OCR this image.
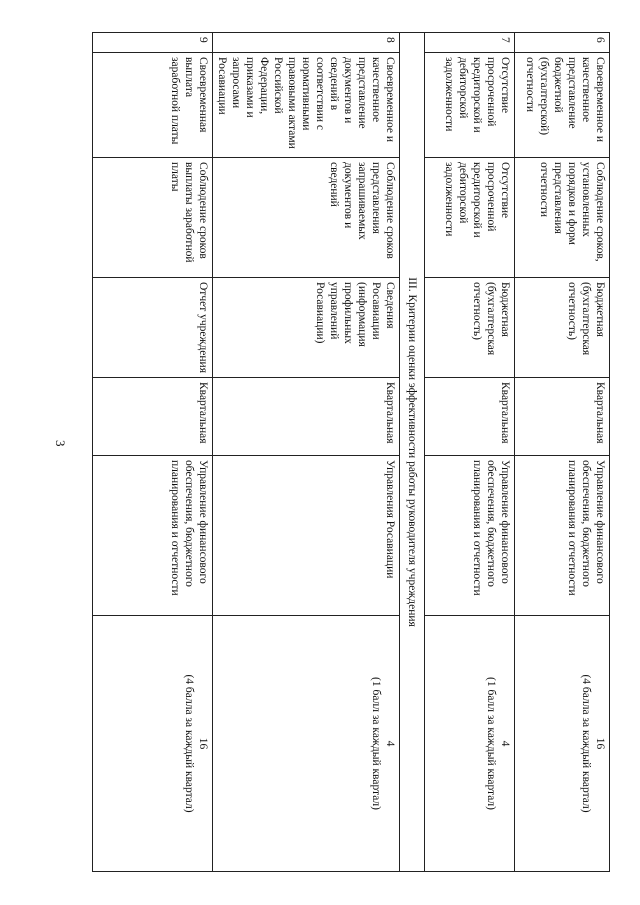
3
6	Своевременное и качественное представление бюджетной (бухгалтерской) отчетности	Соблюдение сроков, установленных порядков и форм представления отчетности	Бюджетная (бухгалтерская отчетность)	Квартальная	Управление финансового обеспечения, бюджетного планирования и отчетности	16
(4 балла за каждый квартал)
7	Отсутствие просроченной кредиторской и дебиторской задолженности	Отсутствие просроченной кредиторской и дебиторской задолженности	Бюджетная (бухгалтерская отчетность)	Квартальная	Управление финансового обеспечения, бюджетного планирования и отчетности	4
(1 балл за каждый квартал)
III. Критерии оценки эффективности работы руководителя учреждения						
8	Своевременное и качественное представление документов и сведений в соответствии с нормативными правовыми актами Российской Федерации, приказами и запросами Росавиации	Соблюдение сроков представления запрашиваемых документов и сведений	Сведения Росавиации (информация профильных управлений Росавиации)	Квартальная	Управления Росавиации	4
(1 балл за каждый квартал)
9	Своевременная выплата заработной платы	Соблюдение сроков выплаты заработной платы	Отчет учреждения	Квартальная	Управление финансового обеспечения, бюджетного планирования и отчетности	16
(4 балла за каждый квартал)
